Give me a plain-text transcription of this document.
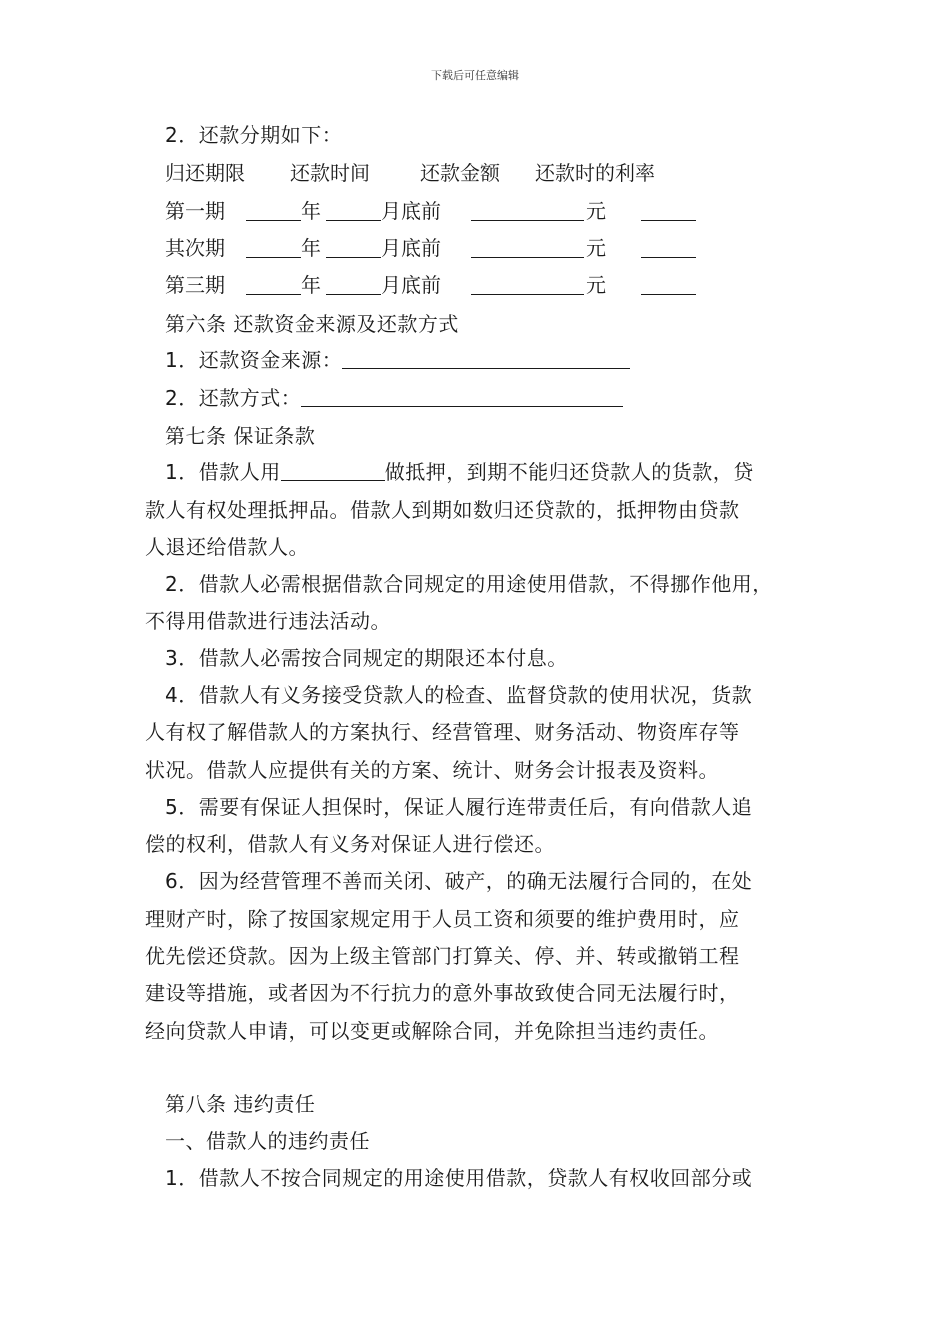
下载后可任意编辑
2．还款分期如下：
归还期限 还款时间	还款金额 还款时的利率
第一期	年	月底前	元
其次期	年	月底前	元
第三期	年	月底前	元
第六条 还款资金来源及还款方式
1．还款资金来源：
2．还款方式：
第七条 保证条款
1．借款人用	做抵押，到期不能归还贷款人的货款，贷
款人有权处理抵押品。借款人到期如数归还贷款的，抵押物由贷款
人退还给借款人。
2．借款人必需根据借款合同规定的用途使用借款，不得挪作他用，
不得用借款进行违法活动。
3．借款人必需按合同规定的期限还本付息。
4．借款人有义务接受贷款人的检查、监督贷款的使用状况，货款
人有权了解借款人的方案执行、经营管理、财务活动、物资库存等
状况。借款人应提供有关的方案、统计、财务会计报表及资料。
5．需要有保证人担保时，保证人履行连带责任后，有向借款人追
偿的权利，借款人有义务对保证人进行偿还。
6．因为经营管理不善而关闭、破产，的确无法履行合同的，在处
理财产时，除了按国家规定用于人员工资和须要的维护费用时，应
优先偿还贷款。因为上级主管部门打算关、停、并、转或撤销工程
建设等措施，或者因为不行抗力的意外事故致使合同无法履行时，
经向贷款人申请，可以变更或解除合同，并免除担当违约责任。
第八条 违约责任
一、借款人的违约责任
1．借款人不按合同规定的用途使用借款，贷款人有权收回部分或
